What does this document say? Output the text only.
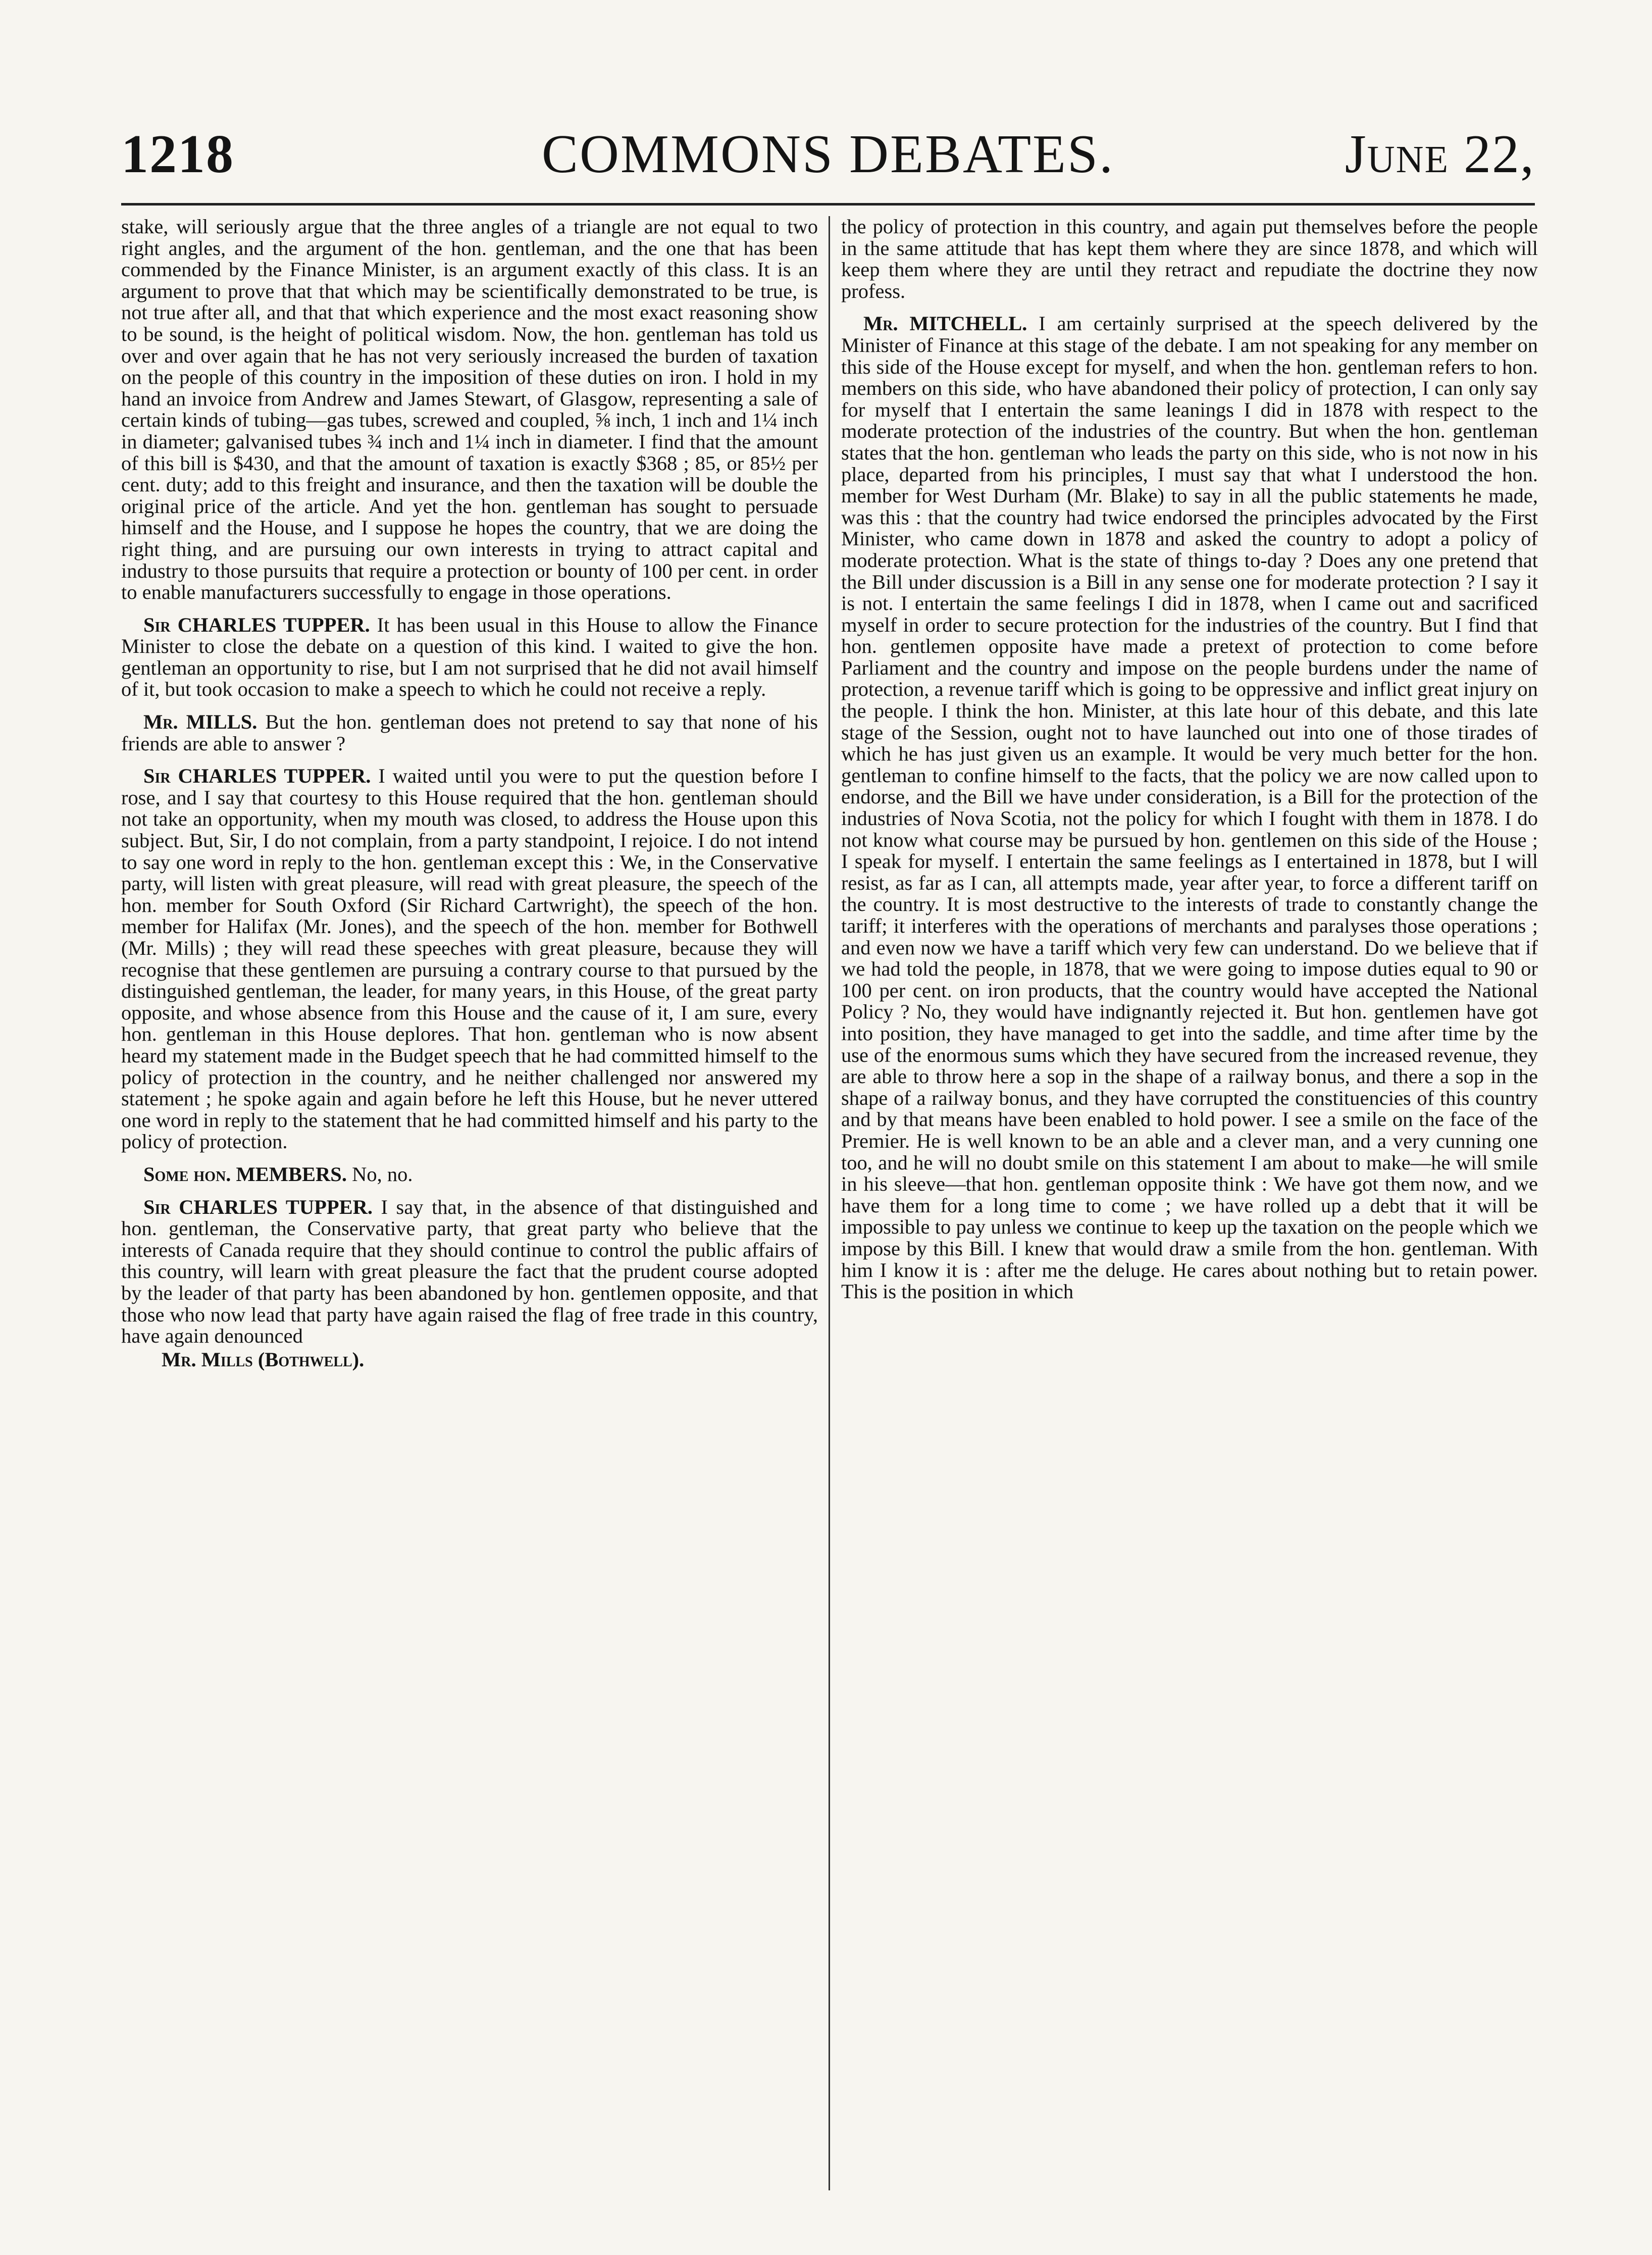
1218	COMMONS DEBATES.	June 22,

stake, will seriously argue that the three angles of a triangle are not equal to two right angles, and the argument of the hon. gentleman, and the one that has been commended by the Finance Minister, is an argument exactly of this class. It is an argument to prove that that which may be scientifically demonstrated to be true, is not true after all, and that that which experience and the most exact reasoning show to be sound, is the height of political wisdom. Now, the hon. gentleman has told us over and over again that he has not very seriously increased the burden of taxation on the people of this country in the imposition of these duties on iron. I hold in my hand an invoice from Andrew and James Stewart, of Glasgow, representing a sale of certain kinds of tubing—gas tubes, screwed and coupled, ⅝ inch, 1 inch and 1¼ inch in diameter; galvanised tubes ¾ inch and 1¼ inch in diameter. I find that the amount of this bill is $430, and that the amount of taxation is exactly $368 ; 85, or 85½ per cent. duty; add to this freight and insurance, and then the taxation will be double the original price of the article. And yet the hon. gentleman has sought to persuade himself and the House, and I suppose he hopes the country, that we are doing the right thing, and are pursuing our own interests in trying to attract capital and industry to those pursuits that require a protection or bounty of 100 per cent. in order to enable manufacturers successfully to engage in those operations.

Sir CHARLES TUPPER. It has been usual in this House to allow the Finance Minister to close the debate on a question of this kind. I waited to give the hon. gentleman an opportunity to rise, but I am not surprised that he did not avail himself of it, but took occasion to make a speech to which he could not receive a reply.

Mr. MILLS. But the hon. gentleman does not pretend to say that none of his friends are able to answer ?

Sir CHARLES TUPPER. I waited until you were to put the question before I rose, and I say that courtesy to this House required that the hon. gentleman should not take an opportunity, when my mouth was closed, to address the House upon this subject. But, Sir, I do not complain, from a party standpoint, I rejoice. I do not intend to say one word in reply to the hon. gentleman except this : We, in the Conservative party, will listen with great pleasure, will read with great pleasure, the speech of the hon. member for South Oxford (Sir Richard Cartwright), the speech of the hon. member for Halifax (Mr. Jones), and the speech of the hon. member for Bothwell (Mr. Mills) ; they will read these speeches with great pleasure, because they will recognise that these gentlemen are pursuing a contrary course to that pursued by the distinguished gentleman, the leader, for many years, in this House, of the great party opposite, and whose absence from this House and the cause of it, I am sure, every hon. gentleman in this House deplores. That hon. gentleman who is now absent heard my statement made in the Budget speech that he had committed himself to the policy of protection in the country, and he neither challenged nor answered my statement ; he spoke again and again before he left this House, but he never uttered one word in reply to the statement that he had committed himself and his party to the policy of protection.

Some hon. MEMBERS. No, no.

Sir CHARLES TUPPER. I say that, in the absence of that distinguished and hon. gentleman, the Conservative party, that great party who believe that the interests of Canada require that they should continue to control the public affairs of this country, will learn with great pleasure the fact that the prudent course adopted by the leader of that party has been abandoned by hon. gentlemen opposite, and that those who now lead that party have again raised the flag of free trade in this country, have again denounced

Mr. Mills (Bothwell).

the policy of protection in this country, and again put themselves before the people in the same attitude that has kept them where they are since 1878, and which will keep them where they are until they retract and repudiate the doctrine they now profess.

Mr. MITCHELL. I am certainly surprised at the speech delivered by the Minister of Finance at this stage of the debate. I am not speaking for any member on this side of the House except for myself, and when the hon. gentleman refers to hon. members on this side, who have abandoned their policy of protection, I can only say for myself that I entertain the same leanings I did in 1878 with respect to the moderate protection of the industries of the country. But when the hon. gentleman states that the hon. gentleman who leads the party on this side, who is not now in his place, departed from his principles, I must say that what I understood the hon. member for West Durham (Mr. Blake) to say in all the public statements he made, was this : that the country had twice endorsed the principles advocated by the First Minister, who came down in 1878 and asked the country to adopt a policy of moderate protection. What is the state of things to-day ? Does any one pretend that the Bill under discussion is a Bill in any sense one for moderate protection ? I say it is not. I entertain the same feelings I did in 1878, when I came out and sacrificed myself in order to secure protection for the industries of the country. But I find that hon. gentlemen opposite have made a pretext of protection to come before Parliament and the country and impose on the people burdens under the name of protection, a revenue tariff which is going to be oppressive and inflict great injury on the people. I think the hon. Minister, at this late hour of this debate, and this late stage of the Session, ought not to have launched out into one of those tirades of which he has just given us an example. It would be very much better for the hon. gentleman to confine himself to the facts, that the policy we are now called upon to endorse, and the Bill we have under consideration, is a Bill for the protection of the industries of Nova Scotia, not the policy for which I fought with them in 1878. I do not know what course may be pursued by hon. gentlemen on this side of the House ; I speak for myself. I entertain the same feelings as I entertained in 1878, but I will resist, as far as I can, all attempts made, year after year, to force a different tariff on the country. It is most destructive to the interests of trade to constantly change the tariff; it interferes with the operations of merchants and paralyses those operations ; and even now we have a tariff which very few can understand. Do we believe that if we had told the people, in 1878, that we were going to impose duties equal to 90 or 100 per cent. on iron products, that the country would have accepted the National Policy ? No, they would have indignantly rejected it. But hon. gentlemen have got into position, they have managed to get into the saddle, and time after time by the use of the enormous sums which they have secured from the increased revenue, they are able to throw here a sop in the shape of a railway bonus, and there a sop in the shape of a railway bonus, and they have corrupted the constituencies of this country and by that means have been enabled to hold power. I see a smile on the face of the Premier. He is well known to be an able and a clever man, and a very cunning one too, and he will no doubt smile on this statement I am about to make—he will smile in his sleeve—that hon. gentleman opposite think : We have got them now, and we have them for a long time to come ; we have rolled up a debt that it will be impossible to pay unless we continue to keep up the taxation on the people which we impose by this Bill. I knew that would draw a smile from the hon. gentleman. With him I know it is : after me the deluge. He cares about nothing but to retain power. This is the position in which
